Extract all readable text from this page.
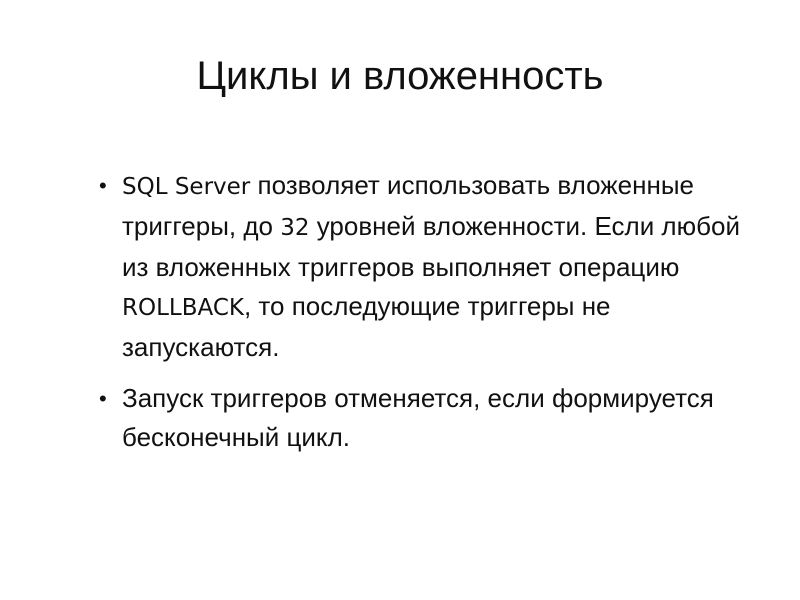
Циклы и вложенность
• SQL Server позволяет использовать вложенные триггеры, до 32 уровней вложенности. Если любой из вложенных триггеров выполняет операцию ROLLBACK, то последующие триггеры не запускаются.
• Запуск триггеров отменяется, если формируется бесконечный цикл.
